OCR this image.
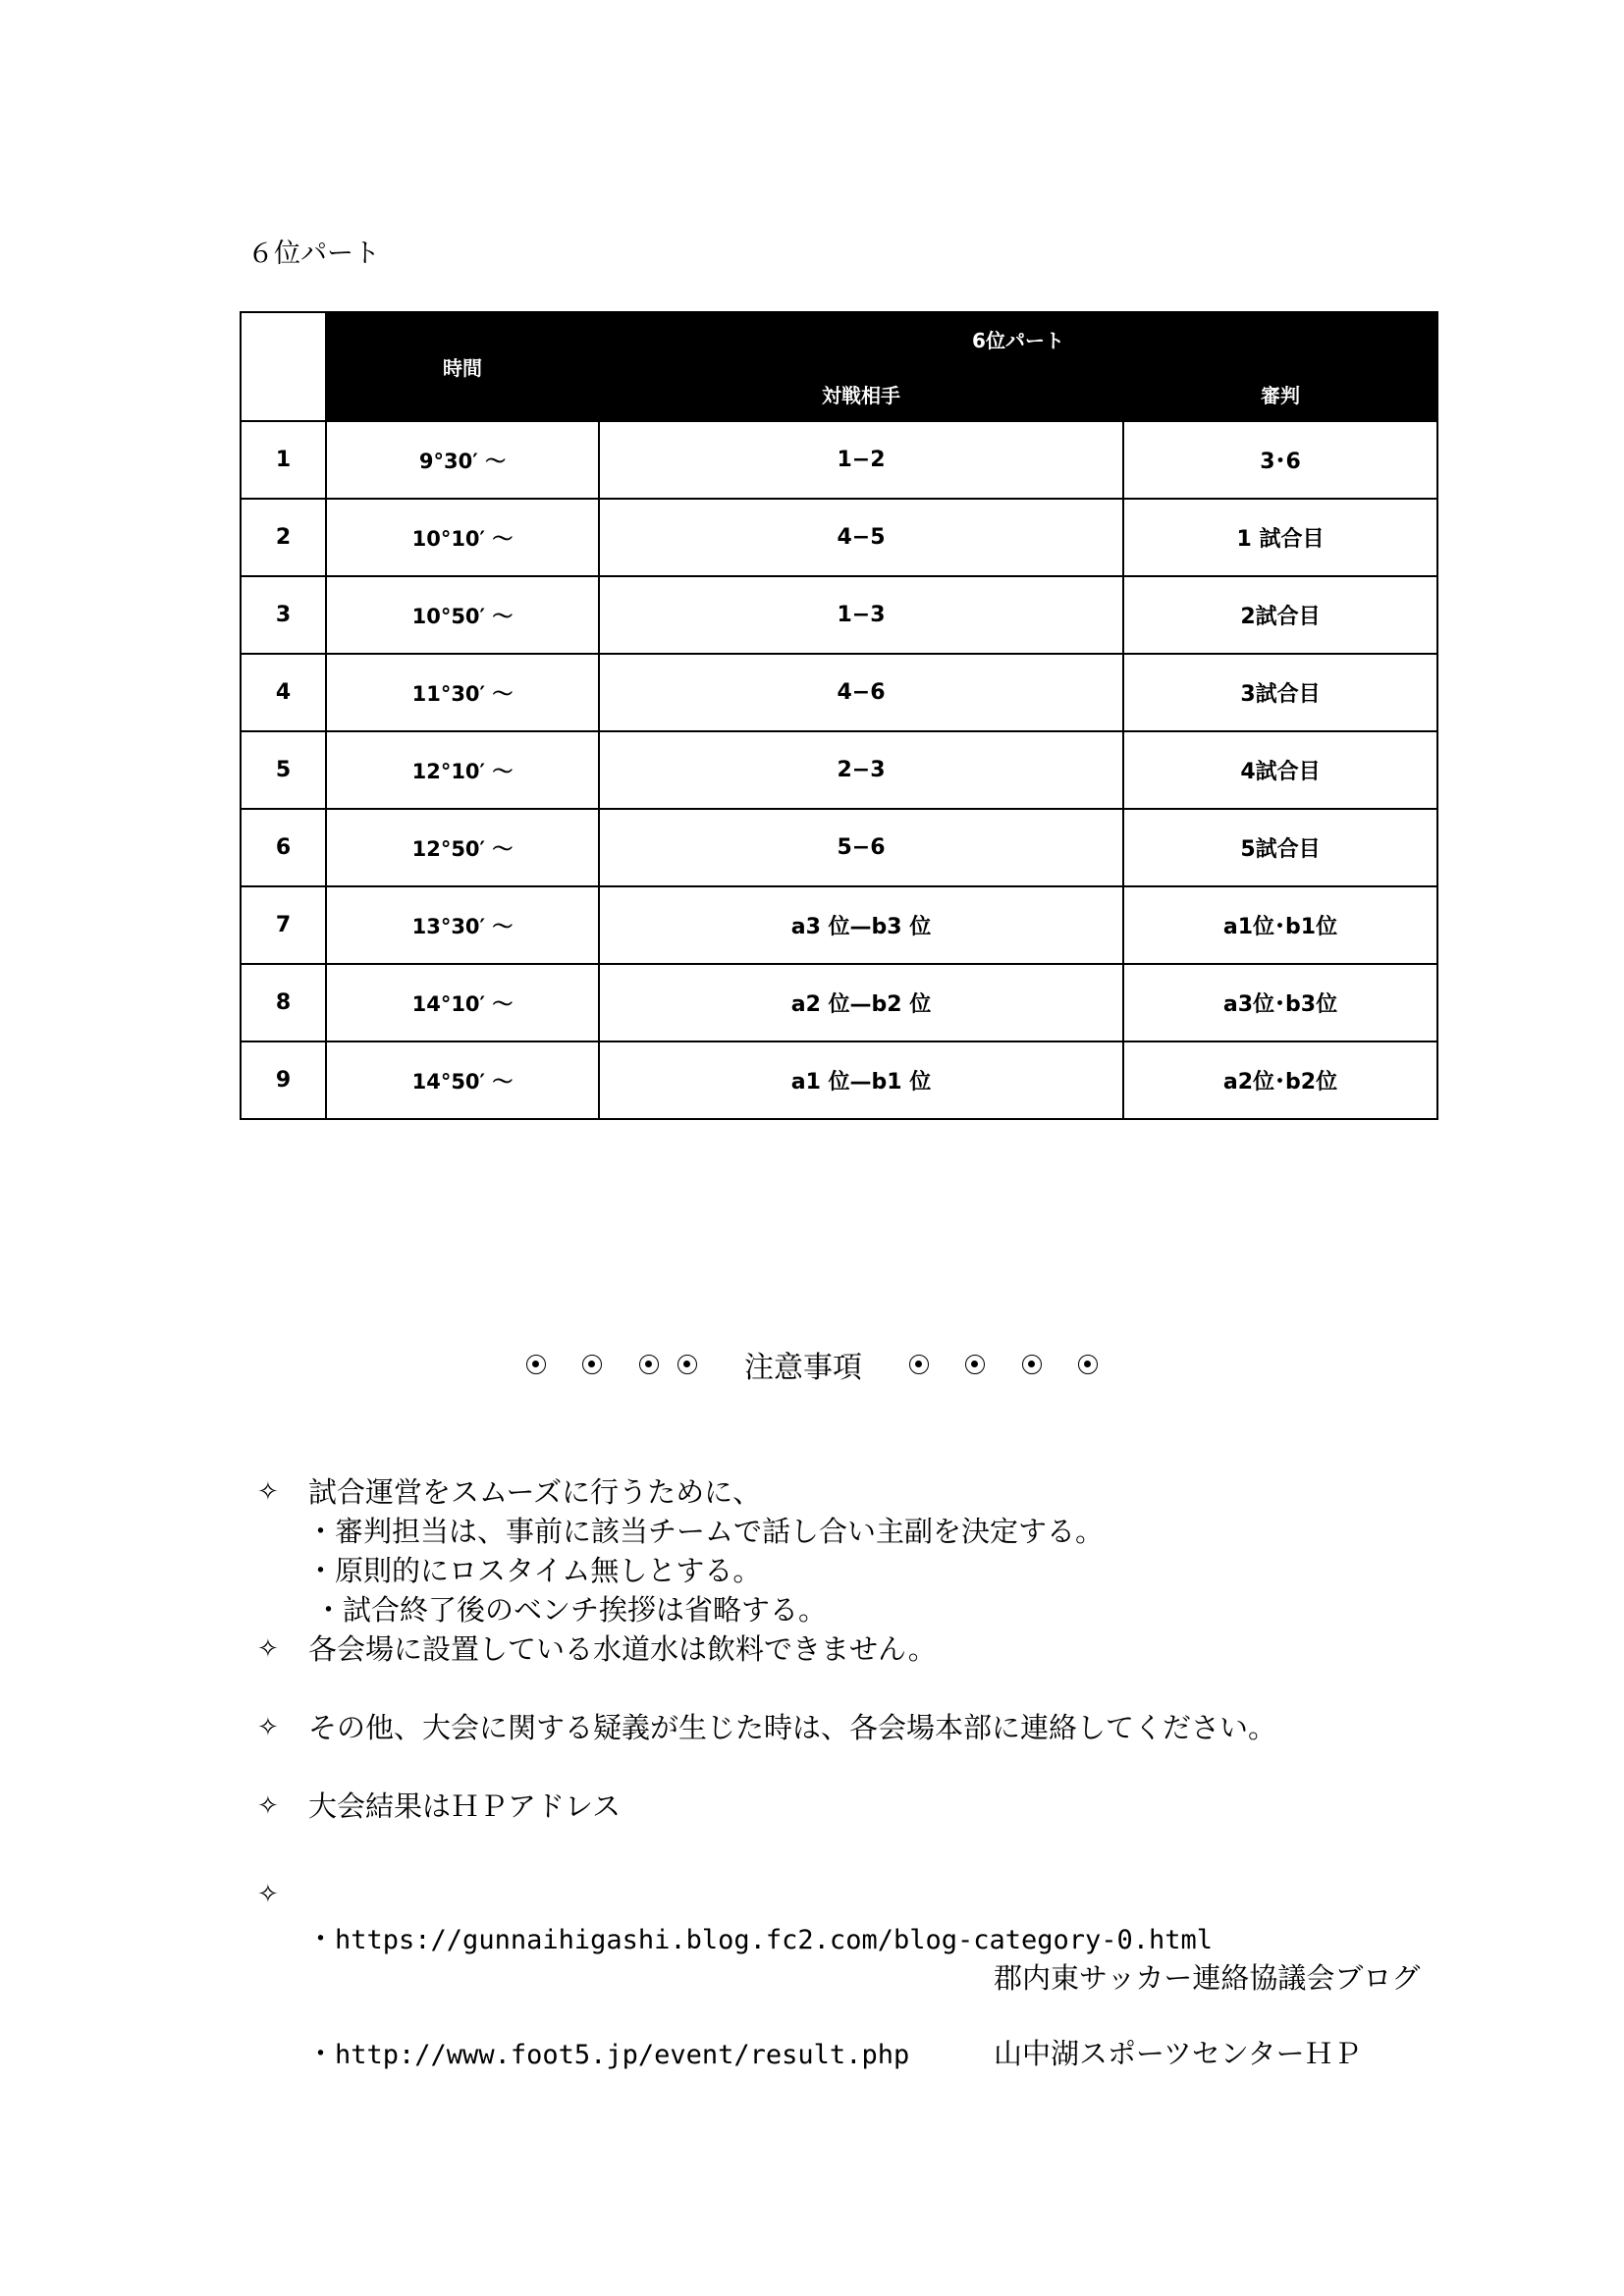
６位パート
	時間	6位パート	
		対戦相手	審判
1	9°30′ ～	1−2	3･6
2	10°10′ ～	4−5	1 試合目
3	10°50′ ～	1−3	2試合目
4	11°30′ ～	4−6	3試合目
5	12°10′ ～	2−3	4試合目
6	12°50′ ～	5−6	5試合目
7	13°30′ ～	a3 位—b3 位	a1位･b1位
8	14°10′ ～	a2 位—b2 位	a3位･b3位
9	14°50′ ～	a1 位—b1 位	a2位･b2位
注意事項
✧ 試合運営をスムーズに行うために、
・審判担当は、事前に該当チームで話し合い主副を決定する。
・原則的にロスタイム無しとする。
・試合終了後のベンチ挨拶は省略する。
✧ 各会場に設置している水道水は飲料できません。
✧ その他、大会に関する疑義が生じた時は、各会場本部に連絡してください。
✧ 大会結果はＨＰアドレス
✧
・https://gunnaihigashi.blog.fc2.com/blog-category-0.html
郡内東サッカー連絡協議会ブログ
・http://www.foot5.jp/event/result.php	山中湖スポーツセンターＨＰ
